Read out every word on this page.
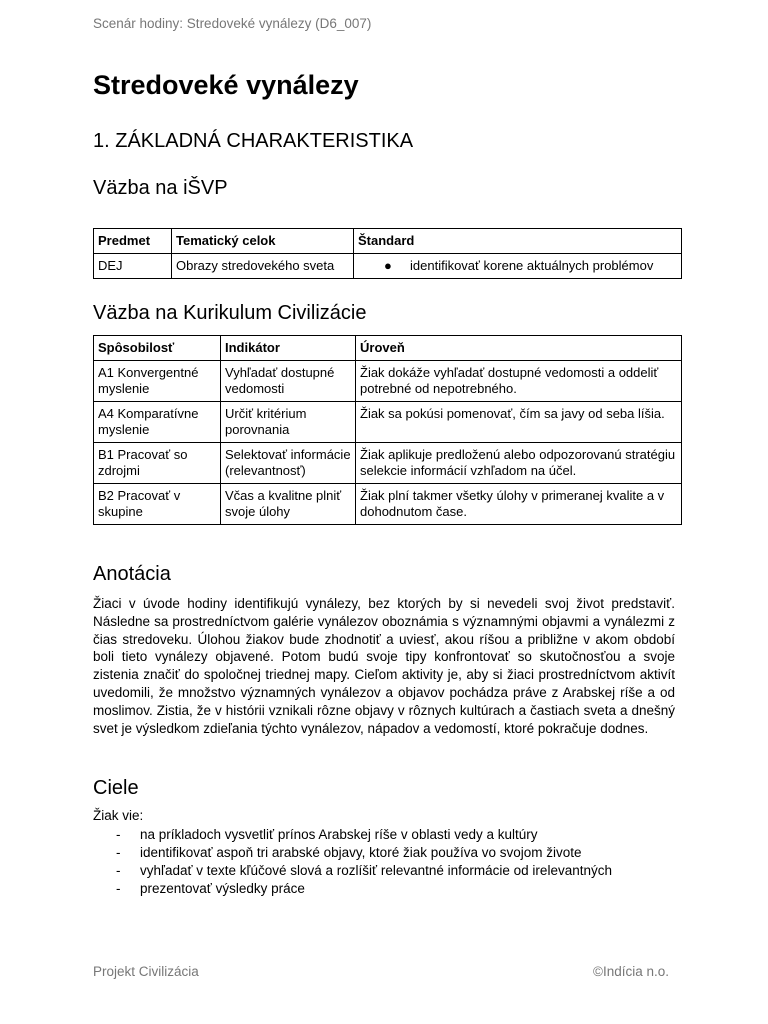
Scenár hodiny: Stredoveké vynálezy (D6_007)
Stredoveké vynálezy
1. ZÁKLADNÁ CHARAKTERISTIKA
Väzba na iŠVP
Predmet	Tematický celok	Štandard
DEJ	Obrazy stredovekého sveta	● identifikovať korene aktuálnych problémov
Väzba na Kurikulum Civilizácie
Spôsobilosť	Indikátor	Úroveň
A1 Konvergentné myslenie	Vyhľadať dostupné vedomosti	Žiak dokáže vyhľadať dostupné vedomosti a oddeliť potrebné od nepotrebného.
A4 Komparatívne myslenie	Určiť kritérium porovnania	Žiak sa pokúsi pomenovať, čím sa javy od seba líšia.
B1 Pracovať so zdrojmi	Selektovať informácie (relevantnosť)	Žiak aplikuje predloženú alebo odpozorovanú stratégiu selekcie informácií vzhľadom na účel.
B2 Pracovať v skupine	Včas a kvalitne plniť svoje úlohy	Žiak plní takmer všetky úlohy v primeranej kvalite a v dohodnutom čase.
Anotácia

Žiaci v úvode hodiny identifikujú vynálezy, bez ktorých by si nevedeli svoj život predstaviť. Následne sa prostredníctvom galérie vynálezov oboznámia s významnými objavmi a vynálezmi z čias stredoveku. Úlohou žiakov bude zhodnotiť a uviesť, akou ríšou a približne v akom období boli tieto vynálezy objavené. Potom budú svoje tipy konfrontovať so skutočnosťou a svoje zistenia značiť do spoločnej triednej mapy. Cieľom aktivity je, aby si žiaci prostredníctvom aktivít uvedomili, že množstvo významných vynálezov a objavov pochádza práve z Arabskej ríše a od moslimov. Zistia, že v histórii vznikali rôzne objavy v rôznych kultúrach a častiach sveta a dnešný svet je výsledkom zdieľania týchto vynálezov, nápadov a vedomostí, ktoré pokračuje dodnes.

Ciele

Žiak vie:

-	na príkladoch vysvetliť prínos Arabskej ríše v oblasti vedy a kultúry
-	identifikovať aspoň tri arabské objavy, ktoré žiak používa vo svojom živote
-	vyhľadať v texte kľúčové slová a rozlíšiť relevantné informácie od irelevantných
-	prezentovať výsledky práce
Projekt Civilizácia	©Indícia n.o.
